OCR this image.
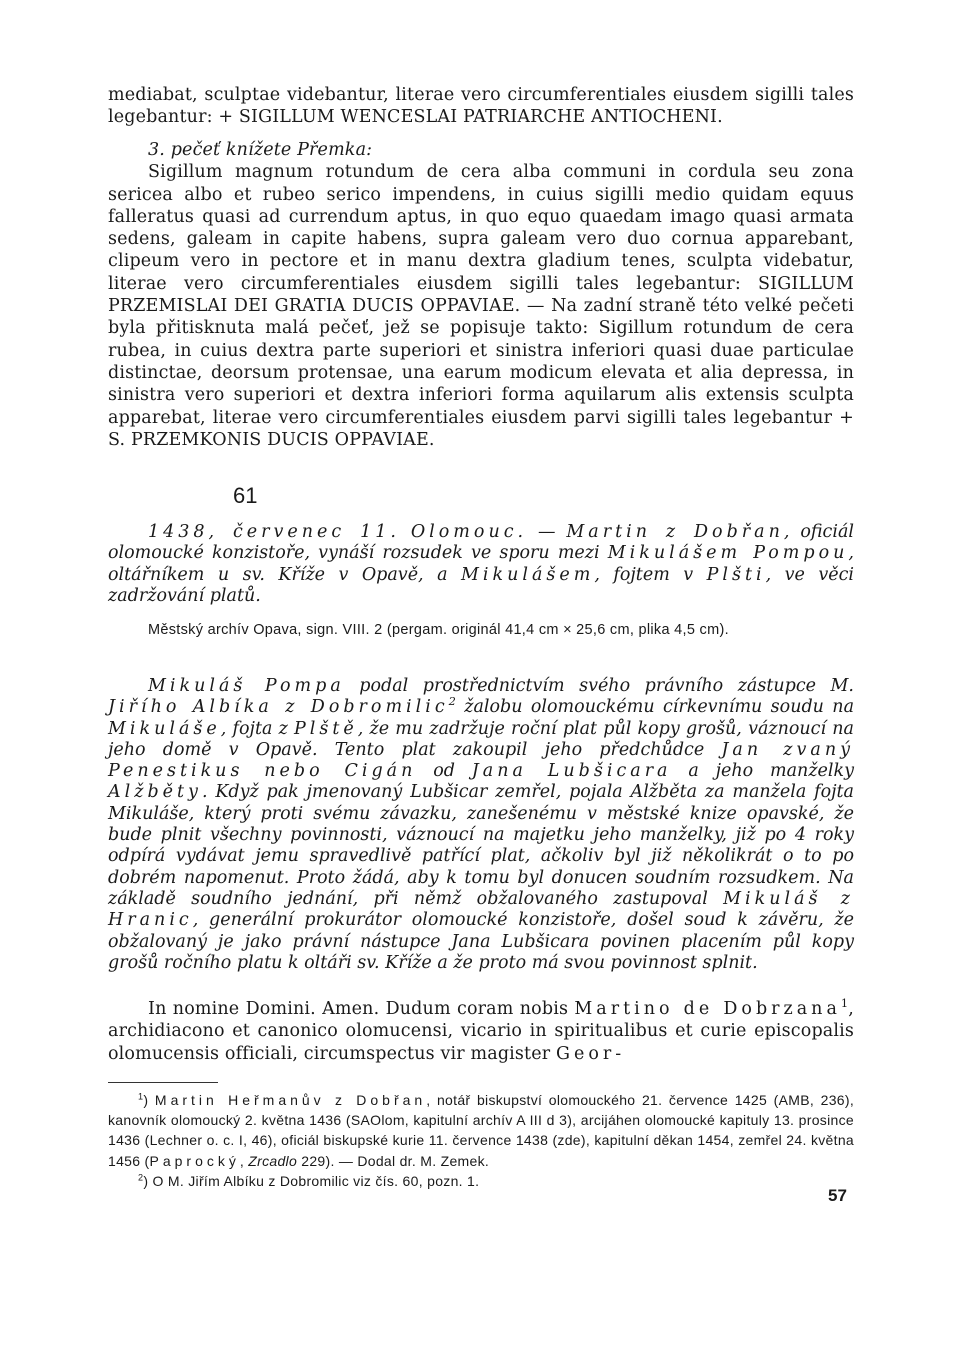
mediabat, sculptae videbantur, literae vero circumferentiales eiusdem sigilli tales legebantur: + SIGILLUM WENCESLAI PATRIARCHE ANTIOCHENI.

3. pečeť knížete Přemka:

Sigillum magnum rotundum de cera alba communi in cordula seu zona sericea albo et rubeo serico impendens, in cuius sigilli medio quidam equus falleratus quasi ad currendum aptus, in quo equo quaedam imago quasi armata sedens, galeam in capite habens, supra galeam vero duo cornua apparebant, clipeum vero in pectore et in manu dextra gladium tenes, sculpta videbatur, literae vero circumferentiales eiusdem sigilli tales legebantur: SIGILLUM PRZEMISLAI DEI GRATIA DUCIS OPPAVIAE. — Na zadní straně této velké pečeti byla přitisknuta malá pečeť, jež se popisuje takto: Sigillum rotundum de cera rubea, in cuius dextra parte superiori et sinistra inferiori quasi duae particulae distinctae, deorsum protensae, una earum modicum elevata et alia depressa, in sinistra vero superiori et dextra inferiori forma aquilarum alis extensis sculpta apparebat, literae vero circumferentiales eiusdem parvi sigilli tales legebantur + S. PRZEMKONIS DUCIS OPPAVIAE.

61

1438, červenec 11. Olomouc. — Martin z Dobřan, oficiál olomoucké konzistoře, vynáší rozsudek ve sporu mezi Mikulášem Pompou, oltářníkem u sv. Kříže v Opavě, a Mikulášem, fojtem v Plšti, ve věci zadržování platů.

Městský archív Opava, sign. VIII. 2 (pergam. originál 41,4 cm × 25,6 cm, plika 4,5 cm).

Mikuláš Pompa podal prostřednictvím svého právního zástupce M. Jiřího Albíka z Dobromilic$^2$ žalobu olomouckému církevnímu soudu na Mikuláše, fojta z Plště, že mu zadržuje roční plat půl kopy grošů, váznoucí na jeho domě v Opavě. Tento plat zakoupil jeho předchůdce Jan zvaný Penestikus nebo Cigán od Jana Lubšicara a jeho manželky Alžběty. Když pak jmenovaný Lubšicar zemřel, pojala Alžběta za manžela fojta Mikuláše, který proti svému závazku, zanešenému v městské knize opavské, že bude plnit všechny povinnosti, váznoucí na majetku jeho manželky, již po 4 roky odpírá vydávat jemu spravedlivě patřící plat, ačkoliv byl již několikrát o to po dobrém napomenut. Proto žádá, aby k tomu byl donucen soudním rozsudkem. Na základě soudního jednání, při němž obžalovaného zastupoval Mikuláš z Hranic, generální prokurátor olomoucké konzistoře, došel soud k závěru, že obžalovaný je jako právní nástupce Jana Lubšicara povinen placením půl kopy grošů ročního platu k oltáři sv. Kříže a že proto má svou povinnost splnit.

In nomine Domini. Amen. Dudum coram nobis Martino de Dobrzana$^1$, archidiacono et canonico olomucensi, vicario in spiritualibus et curie episcopalis olomucensis officiali, circumspectus vir magister Geor-

$^1$) Martin Heřmanův z Dobřan, notář biskupství olomouckého 21. července 1425 (AMB, 236), kanovník olomoucký 2. května 1436 (SAOlom, kapitulní archív A III d 3), arcijáhen olomoucké kapituly 13. prosince 1436 (Lechner o. c. I, 46), oficiál biskupské kurie 11. července 1438 (zde), kapitulní děkan 1454, zemřel 24. května 1456 (Paprocký, Zrcadlo 229). — Dodal dr. M. Zemek.

$^2$) O M. Jiřím Albíku z Dobromilic viz čís. 60, pozn. 1.

57
